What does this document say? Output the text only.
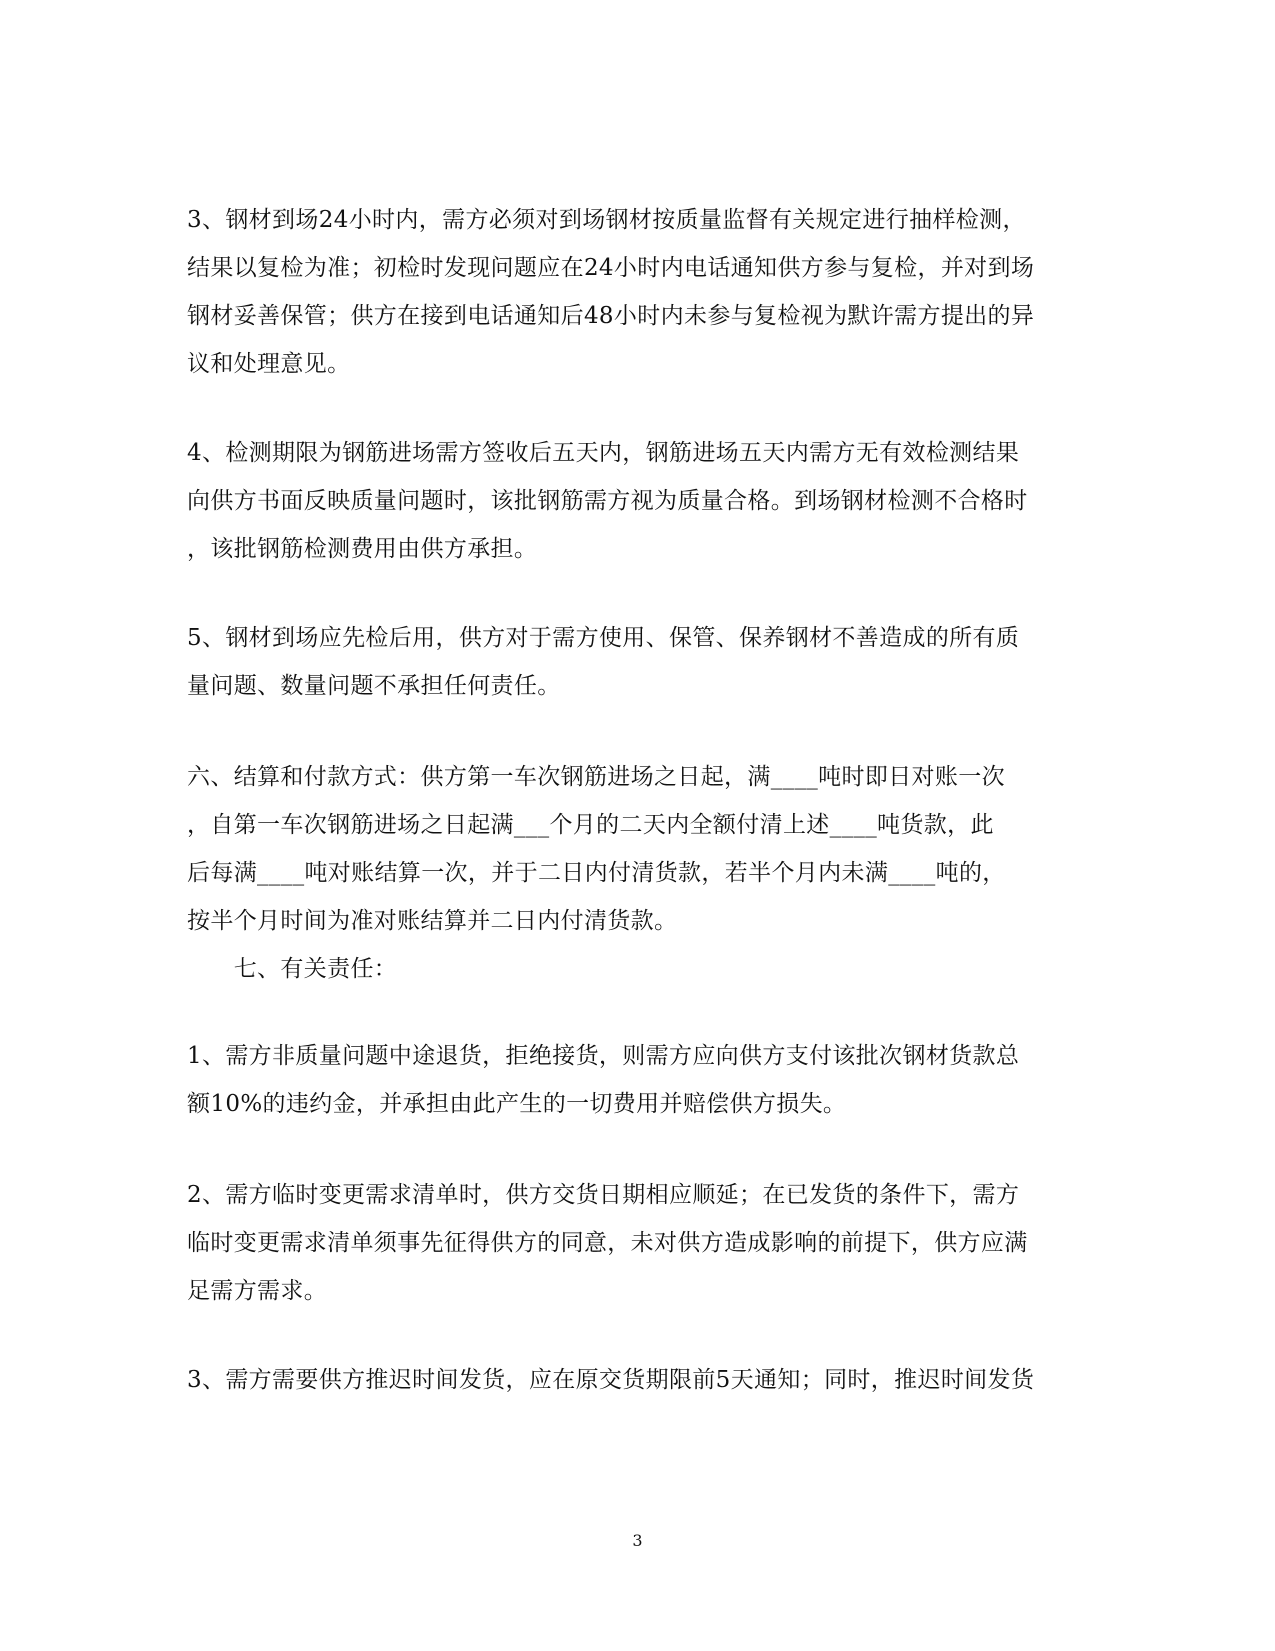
3、钢材到场24小时内，需方必须对到场钢材按质量监督有关规定进行抽样检测，
结果以复检为准；初检时发现问题应在24小时内电话通知供方参与复检，并对到场
钢材妥善保管；供方在接到电话通知后48小时内未参与复检视为默许需方提出的异
议和处理意见。
4、检测期限为钢筋进场需方签收后五天内，钢筋进场五天内需方无有效检测结果
向供方书面反映质量问题时，该批钢筋需方视为质量合格。到场钢材检测不合格时
，该批钢筋检测费用由供方承担。
5、钢材到场应先检后用，供方对于需方使用、保管、保养钢材不善造成的所有质
量问题、数量问题不承担任何责任。
六、结算和付款方式：供方第一车次钢筋进场之日起，满____吨时即日对账一次
，自第一车次钢筋进场之日起满___个月的二天内全额付清上述____吨货款，此
后每满____吨对账结算一次，并于二日内付清货款，若半个月内未满____吨的，
按半个月时间为准对账结算并二日内付清货款。
　　七、有关责任：
1、需方非质量问题中途退货，拒绝接货，则需方应向供方支付该批次钢材货款总
额10%的违约金，并承担由此产生的一切费用并赔偿供方损失。
2、需方临时变更需求清单时，供方交货日期相应顺延；在已发货的条件下，需方
临时变更需求清单须事先征得供方的同意，未对供方造成影响的前提下，供方应满
足需方需求。
3、需方需要供方推迟时间发货，应在原交货期限前5天通知；同时，推迟时间发货
3
